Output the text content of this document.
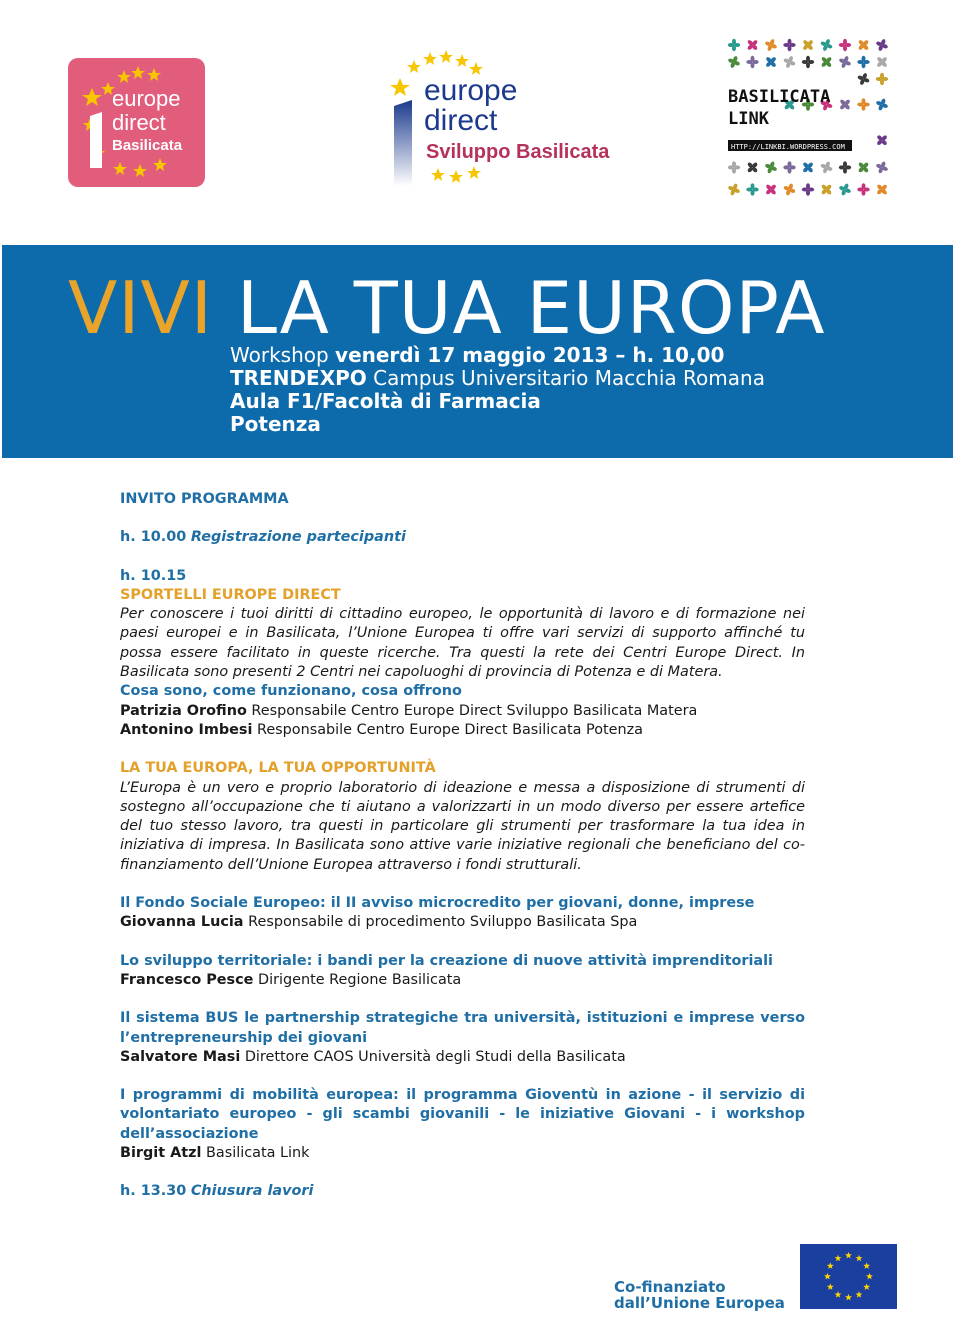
europe
direct
Basilicata
europe
direct
Sviluppo Basilicata
BASILICATA
LINK
HTTP://LINKBI.WORDPRESS.COM
VIVI LA TUA EUROPA
Workshop venerdì 17 maggio 2013 – h. 10,00
TRENDEXPO Campus Universitario Macchia Romana
Aula F1/Facoltà di Farmacia
Potenza

INVITO PROGRAMMA

h. 10.00 Registrazione partecipanti

h. 10.15

SPORTELLI EUROPE DIRECT

Per conoscere i tuoi diritti di cittadino europeo, le opportunità di lavoro e di formazione nei paesi europei e in Basilicata, l’Unione Europea ti offre vari servizi di supporto affinché tu possa essere facilitato in queste ricerche. Tra questi la rete dei Centri Europe Direct. In Basilicata sono presenti 2 Centri nei capoluoghi di provincia di Potenza e di Matera.

Cosa sono, come funzionano, cosa offrono

Patrizia Orofino Responsabile Centro Europe Direct Sviluppo Basilicata Matera

Antonino Imbesi Responsabile Centro Europe Direct Basilicata Potenza

LA TUA EUROPA, LA TUA OPPORTUNITÀ

L’Europa è un vero e proprio laboratorio di ideazione e messa a disposizione di strumenti di sostegno all’occupazione che ti aiutano a valorizzarti in un modo diverso per essere artefice del tuo stesso lavoro, tra questi in particolare gli strumenti per trasformare la tua idea in iniziativa di impresa. In Basilicata sono attive varie iniziative regionali che beneficiano del co-finanziamento dell’Unione Europea attraverso i fondi strutturali.

Il Fondo Sociale Europeo: il II avviso microcredito per giovani, donne, imprese

Giovanna Lucia Responsabile di procedimento Sviluppo Basilicata Spa

Lo sviluppo territoriale: i bandi per la creazione di nuove attività imprenditoriali

Francesco Pesce Dirigente Regione Basilicata

Il sistema BUS le partnership strategiche tra università, istituzioni e imprese verso l’entrepreneurship dei giovani

Salvatore Masi Direttore CAOS Università degli Studi della Basilicata

I programmi di mobilità europea: il programma Gioventù in azione - il servizio di volontariato europeo - gli scambi giovanili - le iniziative Giovani - i workshop dell’associazione

Birgit Atzl Basilicata Link

h. 13.30 Chiusura lavori

Co-finanziato
dall’Unione Europea
